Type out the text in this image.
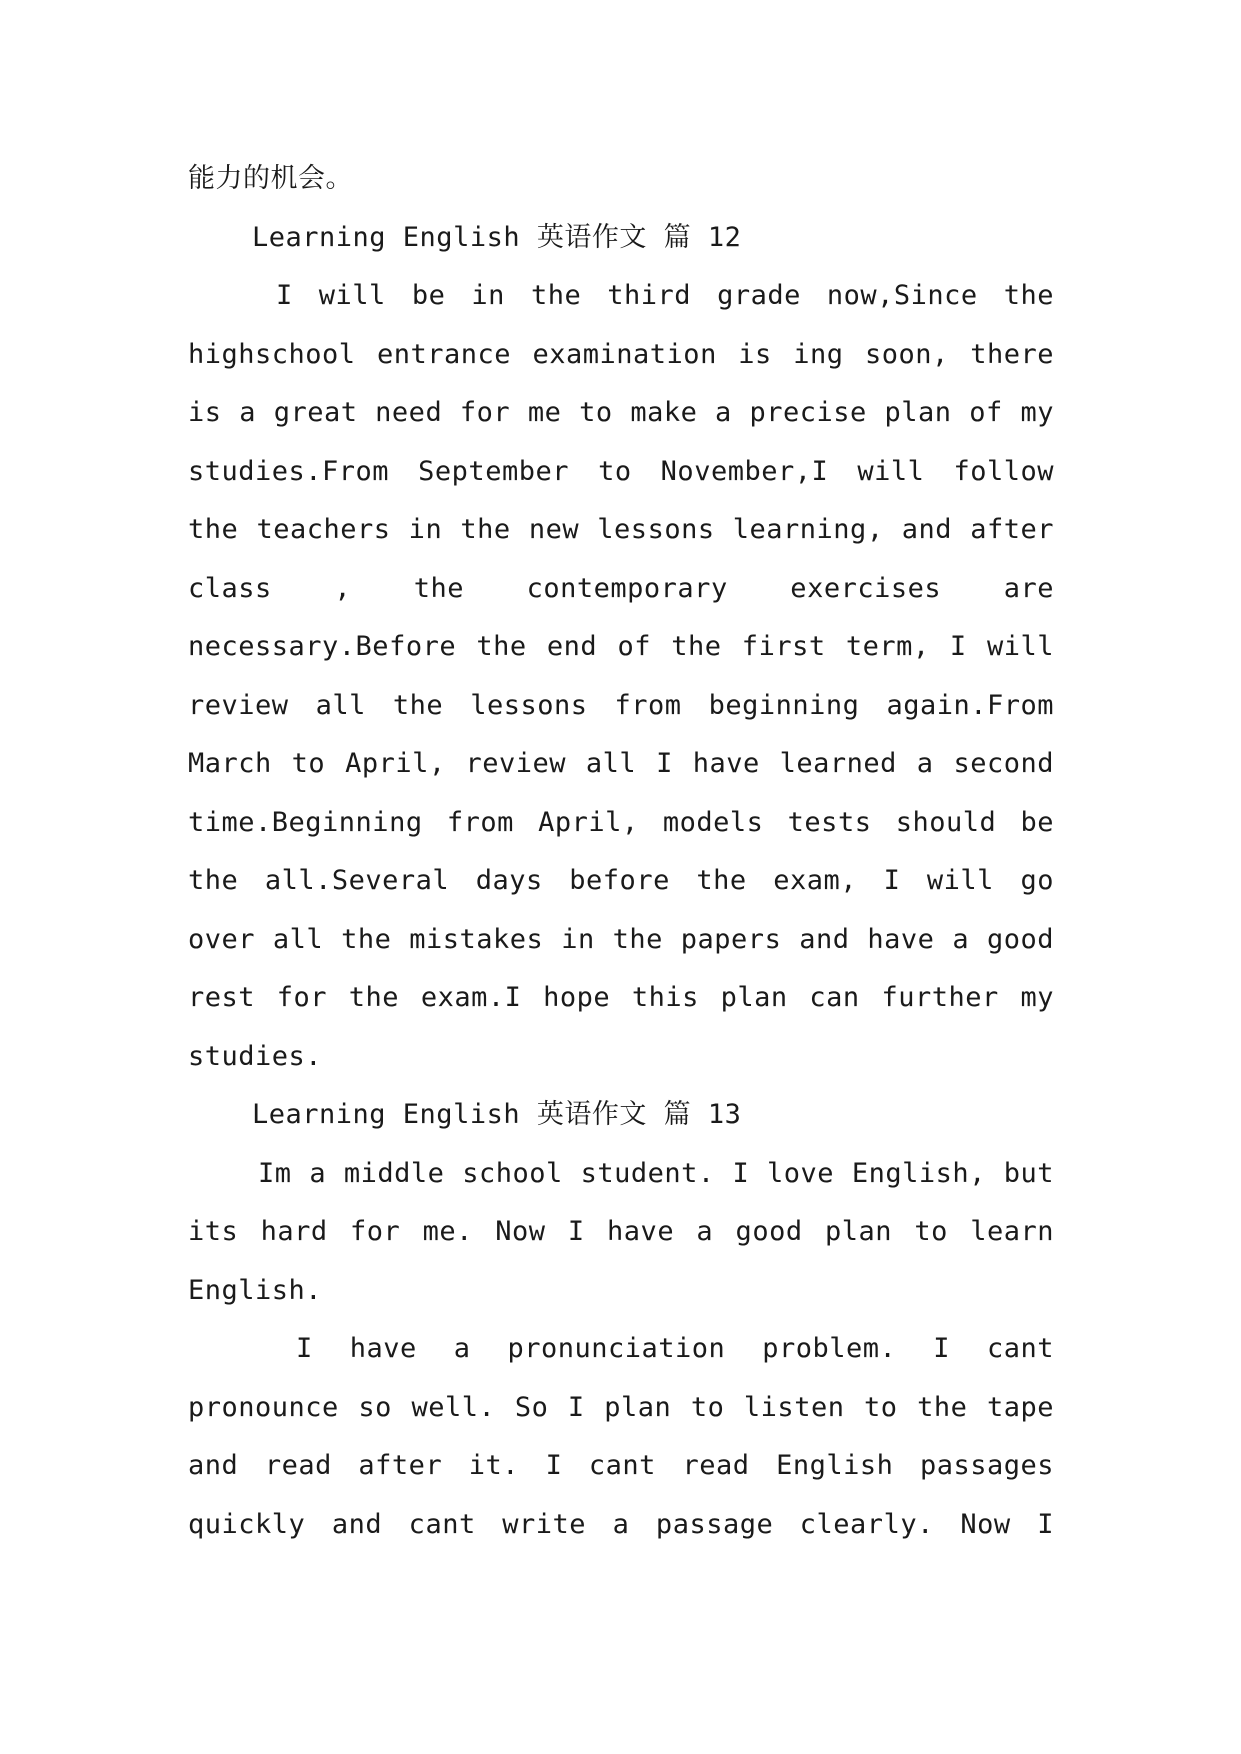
能力的机会。
Learning English 英语作文 篇 12
I will be in the third grade now,Since the
highschool entrance examination is ing soon, there
is a great need for me to make a precise plan of my
studies.From September to November,I will follow
the teachers in the new lessons learning, and after
class , the contemporary exercises are
necessary.Before the end of the first term, I will
review all the lessons from beginning again.From
March to April, review all I have learned a second
time.Beginning from April, models tests should be
the all.Several days before the exam, I will go
over all the mistakes in the papers and have a good
rest for the exam.I hope this plan can further my
studies.
Learning English 英语作文 篇 13
Im a middle school student. I love English, but
its hard for me. Now I have a good plan to learn
English.
I have a pronunciation problem. I cant
pronounce so well. So I plan to listen to the tape
and read after it. I cant read English passages
quickly and cant write a passage clearly. Now I
